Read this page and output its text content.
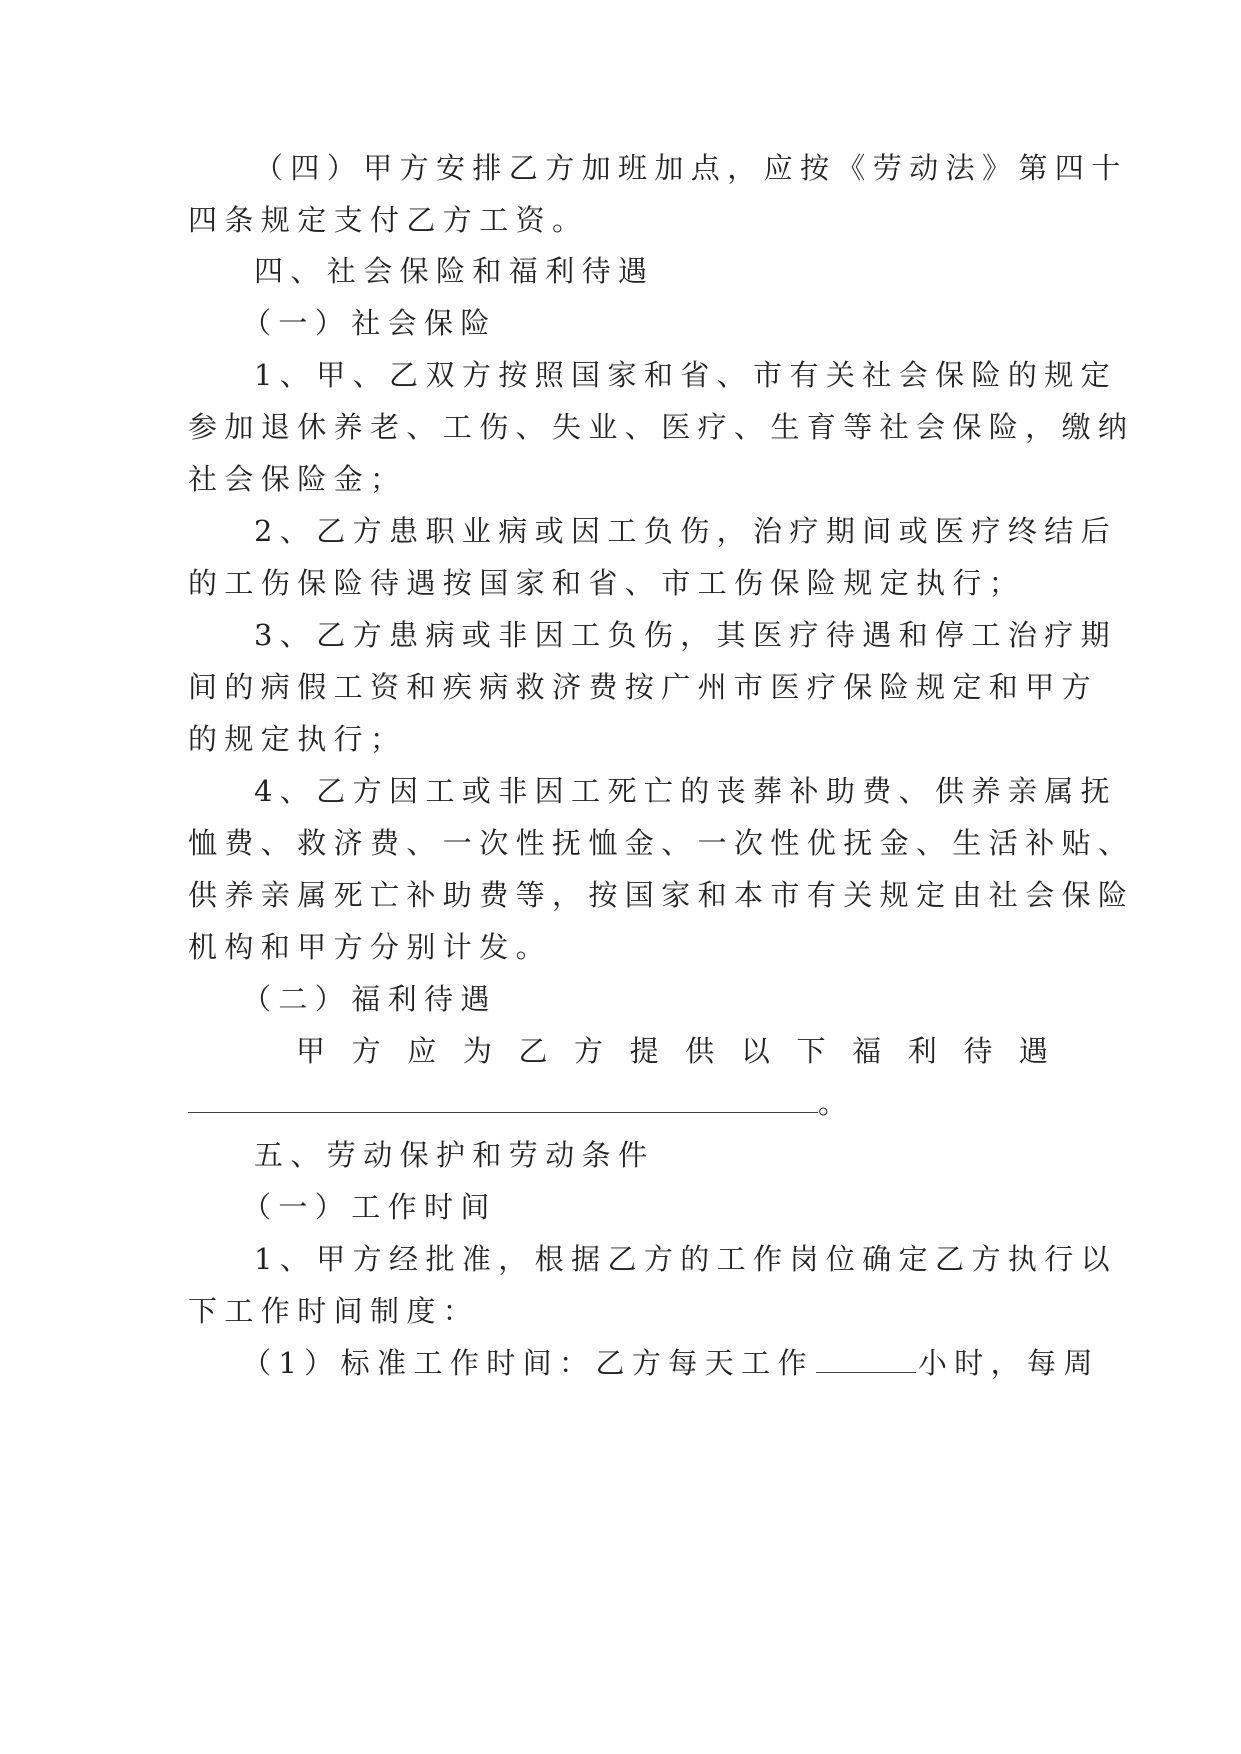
（四）甲方安排乙方加班加点，应按《劳动法》第四十

四条规定支付乙方工资。

四、社会保险和福利待遇

（一）社会保险

1、甲、乙双方按照国家和省、市有关社会保险的规定

参加退休养老、工伤、失业、医疗、生育等社会保险，缴纳

社会保险金；

2、乙方患职业病或因工负伤，治疗期间或医疗终结后

的工伤保险待遇按国家和省、市工伤保险规定执行；

3、乙方患病或非因工负伤，其医疗待遇和停工治疗期

间的病假工资和疾病救济费按广州市医疗保险规定和甲方

的规定执行；

4、乙方因工或非因工死亡的丧葬补助费、供养亲属抚

恤费、救济费、一次性抚恤金、一次性优抚金、生活补贴、

供养亲属死亡补助费等，按国家和本市有关规定由社会保险

机构和甲方分别计发。

（二）福利待遇

甲 方 应 为 乙 方 提 供 以 下 福 利 待 遇

。

五、劳动保护和劳动条件

（一）工作时间

1、甲方经批准，根据乙方的工作岗位确定乙方执行以

下工作时间制度：

（1）标准工作时间：乙方每天工作	小时，每周
